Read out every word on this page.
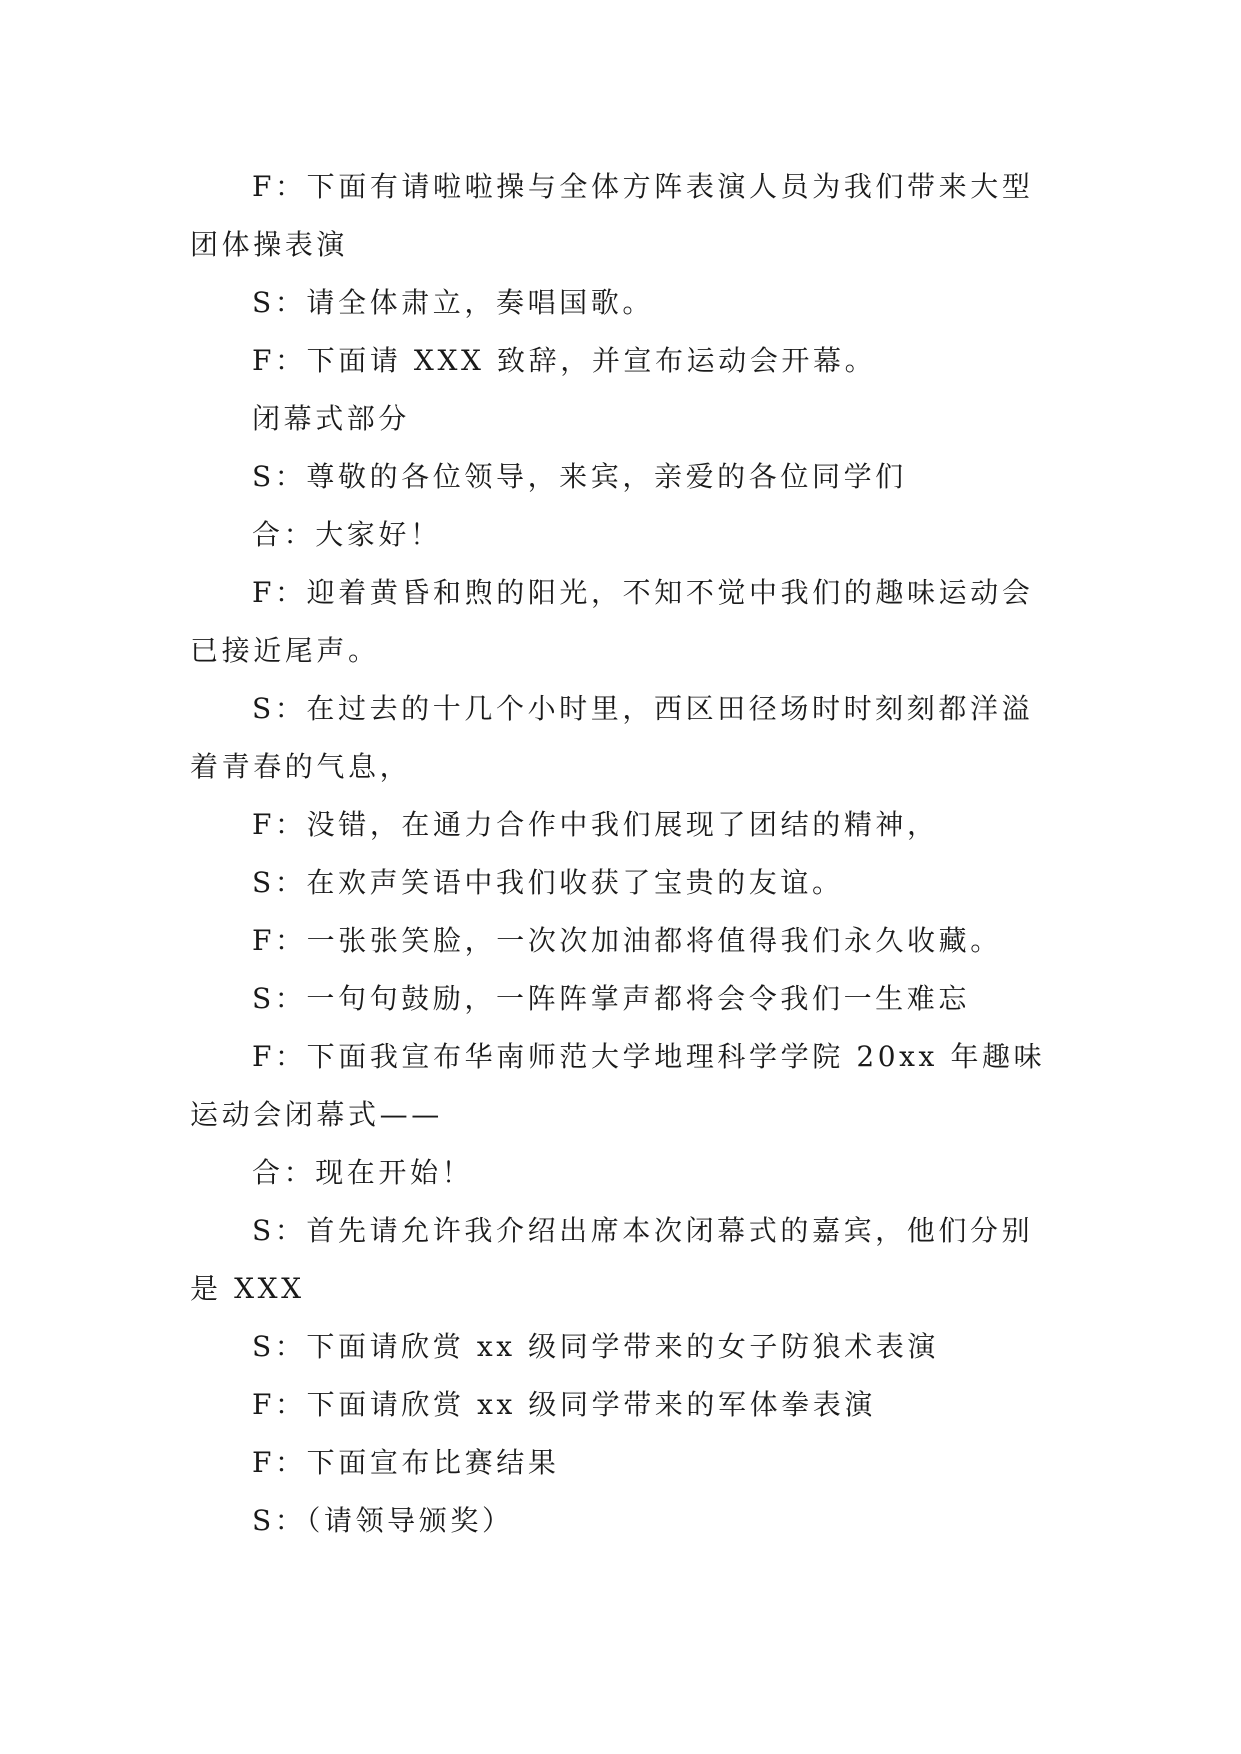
F：下面有请啦啦操与全体方阵表演人员为我们带来大型团体操表演

S：请全体肃立，奏唱国歌。

F：下面请 XXX 致辞，并宣布运动会开幕。

闭幕式部分

S：尊敬的各位领导，来宾，亲爱的各位同学们

合：大家好！

F：迎着黄昏和煦的阳光，不知不觉中我们的趣味运动会已接近尾声。

S：在过去的十几个小时里，西区田径场时时刻刻都洋溢着青春的气息，

F：没错，在通力合作中我们展现了团结的精神，

S：在欢声笑语中我们收获了宝贵的友谊。

F：一张张笑脸，一次次加油都将值得我们永久收藏。

S：一句句鼓励，一阵阵掌声都将会令我们一生难忘

F：下面我宣布华南师范大学地理科学学院 20xx 年趣味运动会闭幕式——

合：现在开始！

S：首先请允许我介绍出席本次闭幕式的嘉宾，他们分别是 XXX

S：下面请欣赏 xx 级同学带来的女子防狼术表演

F：下面请欣赏 xx 级同学带来的军体拳表演

F：下面宣布比赛结果

S：（请领导颁奖）
